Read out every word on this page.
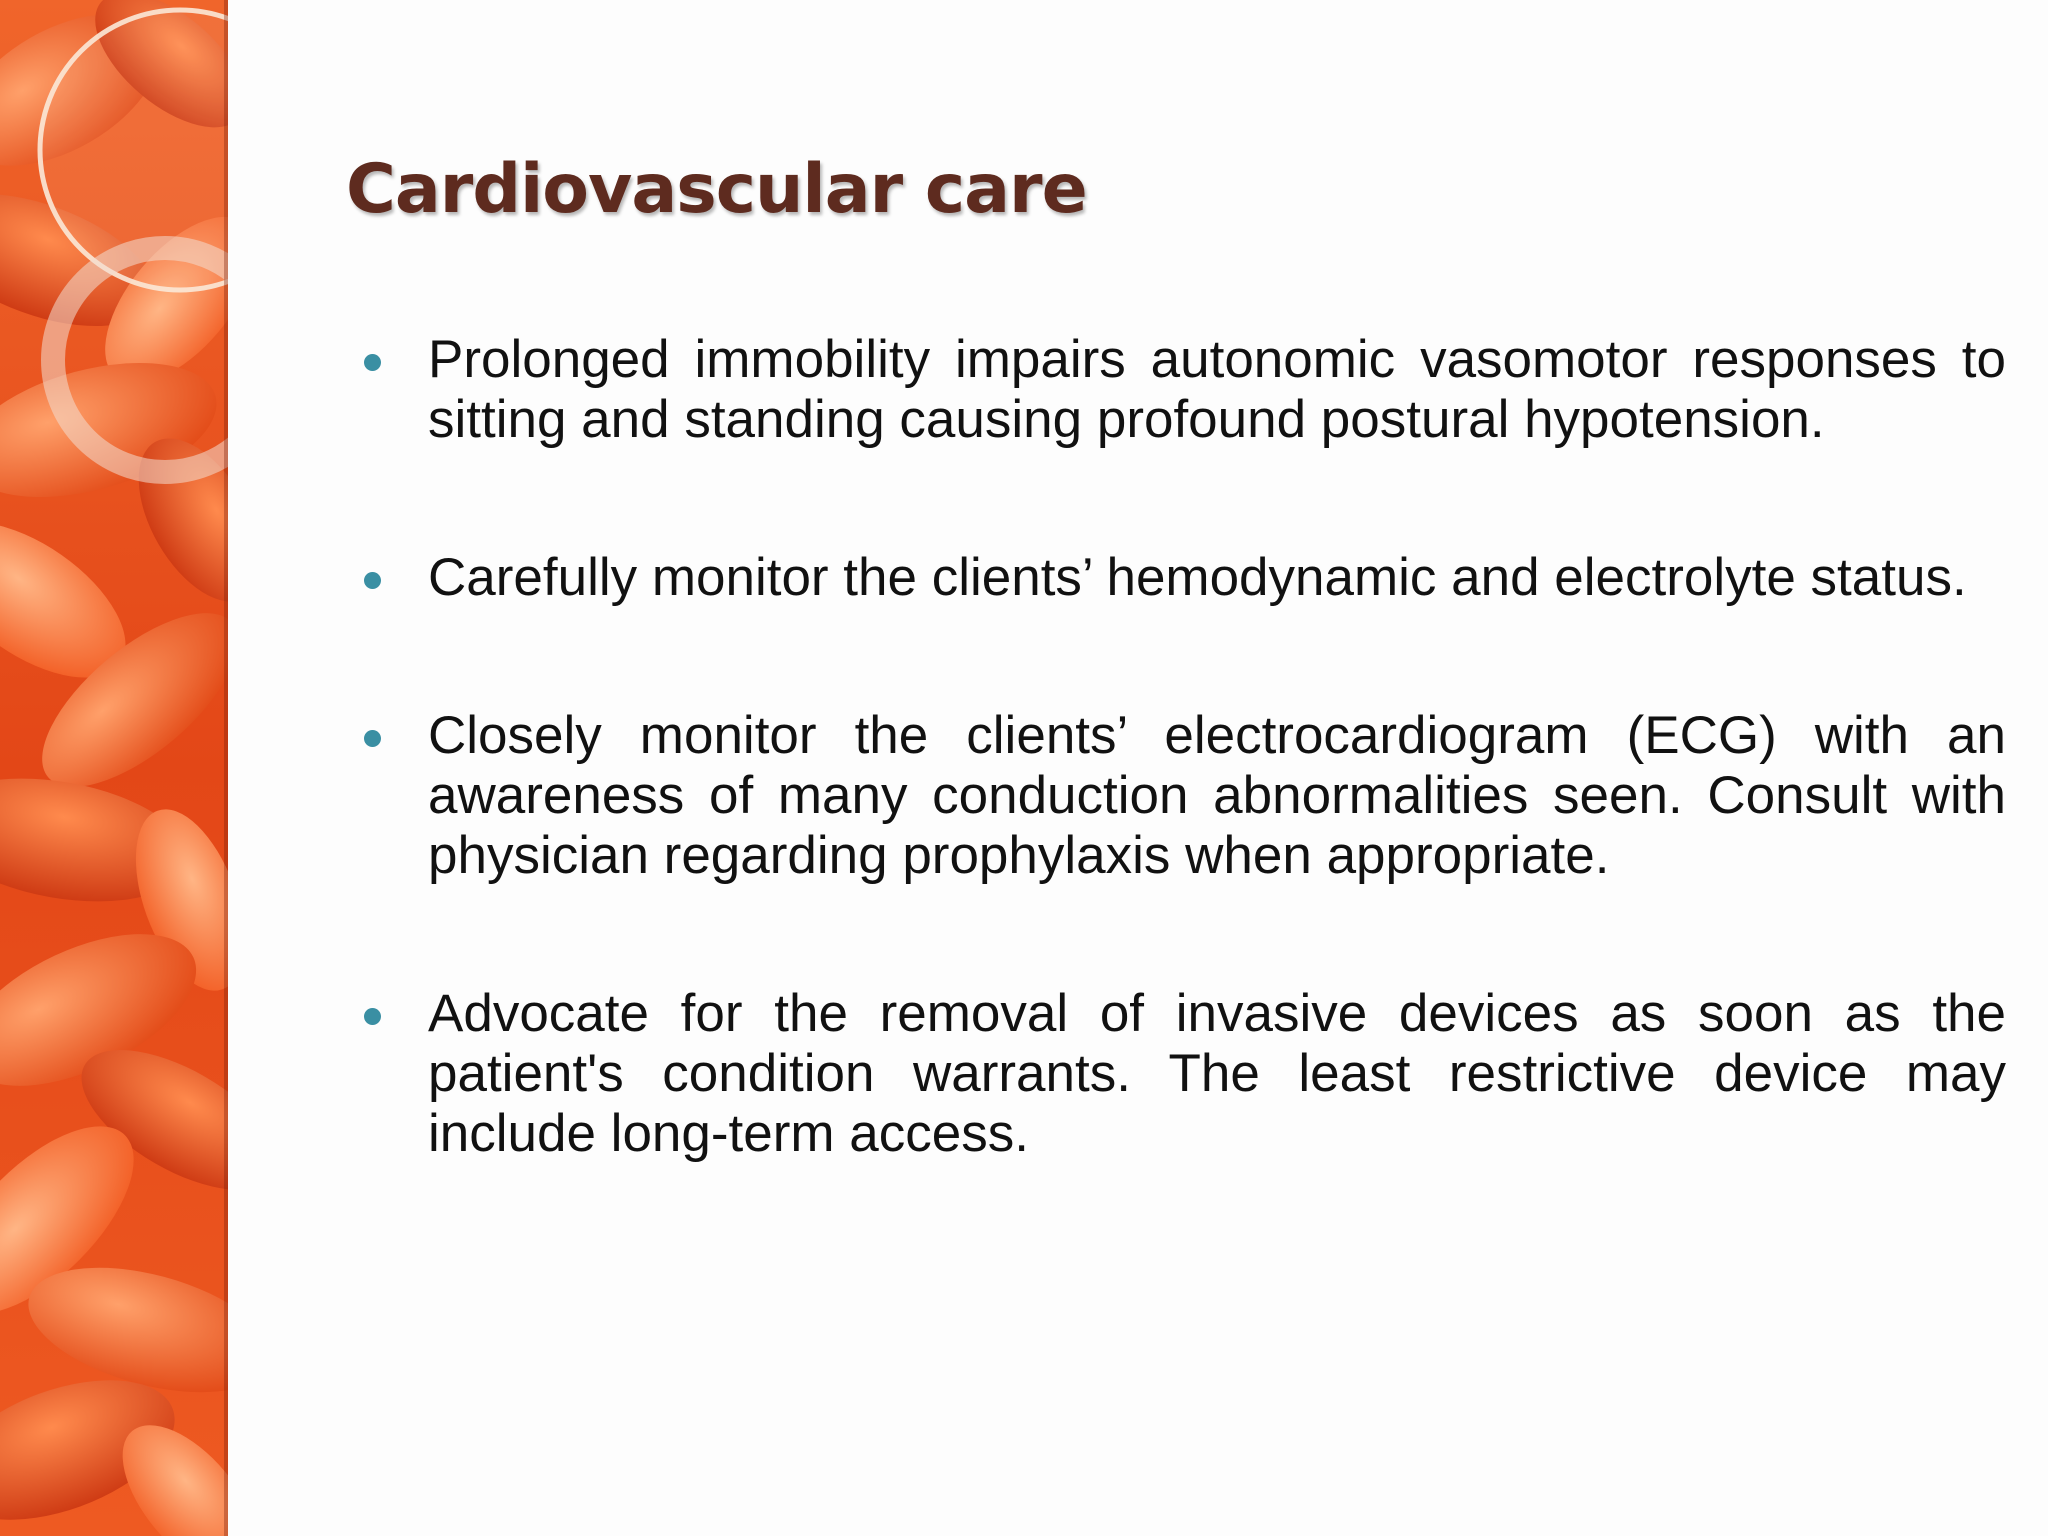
Cardiovascular care
Prolonged immobility impairs autonomic vasomotor responses to sitting and standing causing profound postural hypotension.
Carefully monitor the clients’ hemodynamic and electrolyte status.
Closely monitor the clients’ electrocardiogram (ECG) with an awareness of many conduction abnormalities seen. Consult with physician regarding prophylaxis when appropriate.
Advocate for the removal of invasive devices as soon as the patient's condition warrants. The least restrictive device may include long-term access.
